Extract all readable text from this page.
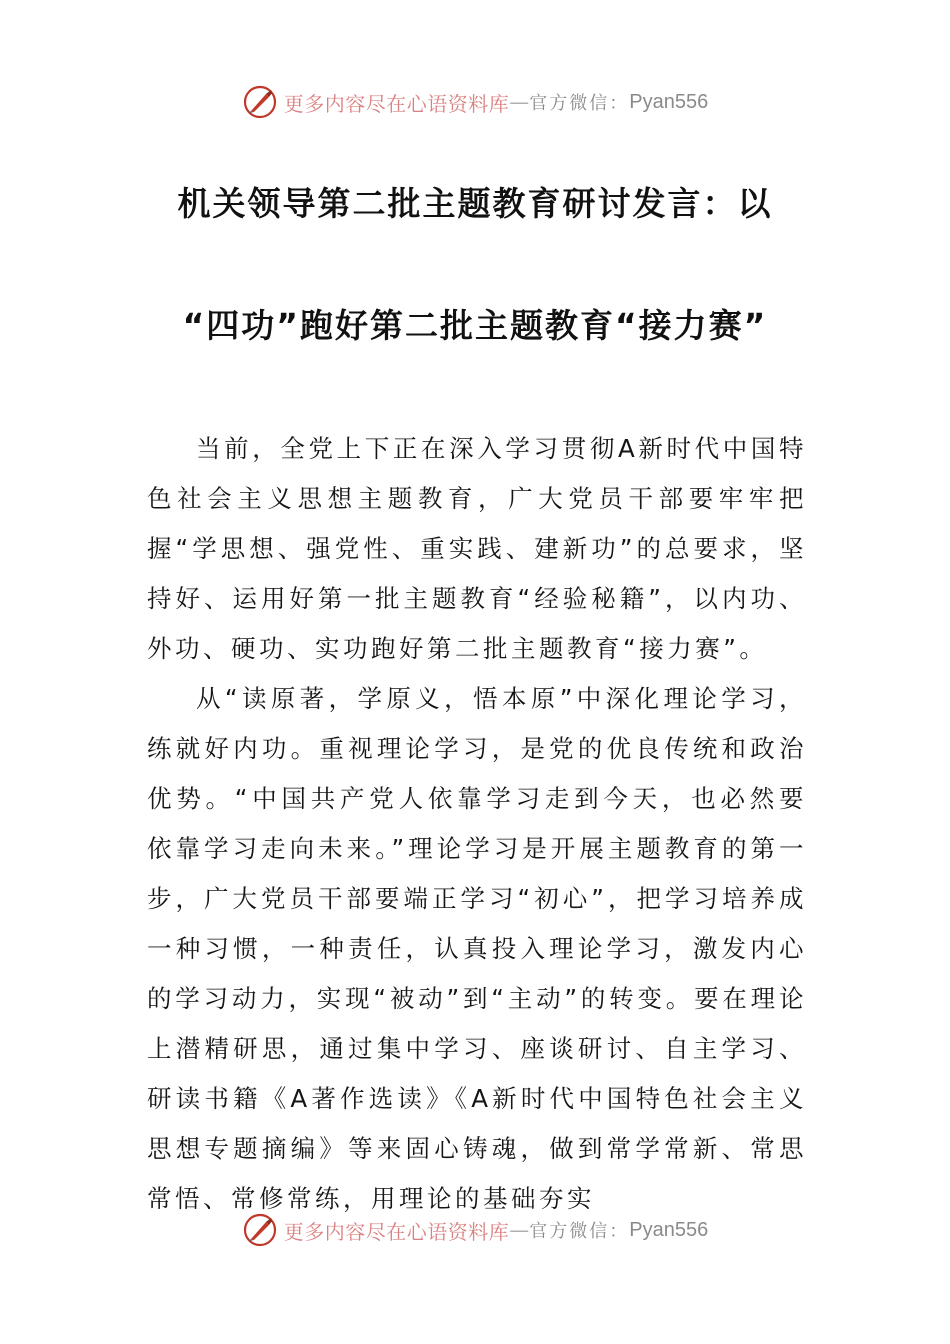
更多内容尽在心语资料库 — 官方微信： Pyan556
机关领导第二批主题教育研讨发言：以
“四功”跑好第二批主题教育“接力赛”

当前，全党上下正在深入学习贯彻A新时代中国特色社会主义思想主题教育，广大党员干部要牢牢把握“学思想、强党性、重实践、建新功”的总要求，坚持好、运用好第一批主题教育“经验秘籍”，以内功、外功、硬功、实功跑好第二批主题教育“接力赛”。

从“读原著，学原义，悟本原”中深化理论学习，练就好内功。重视理论学习，是党的优良传统和政治优势。“中国共产党人依靠学习走到今天，也必然要依靠学习走向未来。”理论学习是开展主题教育的第一步，广大党员干部要端正学习“初心”，把学习培养成一种习惯，一种责任，认真投入理论学习，激发内心的学习动力，实现“被动”到“主动”的转变。要在理论上潜精研思，通过集中学习、座谈研讨、自主学习、研读书籍《A著作选读》《A新时代中国特色社会主义思想专题摘编》等来固心铸魂，做到常学常新、常思常悟、常修常练，用理论的基础夯实

更多内容尽在心语资料库 — 官方微信： Pyan556
